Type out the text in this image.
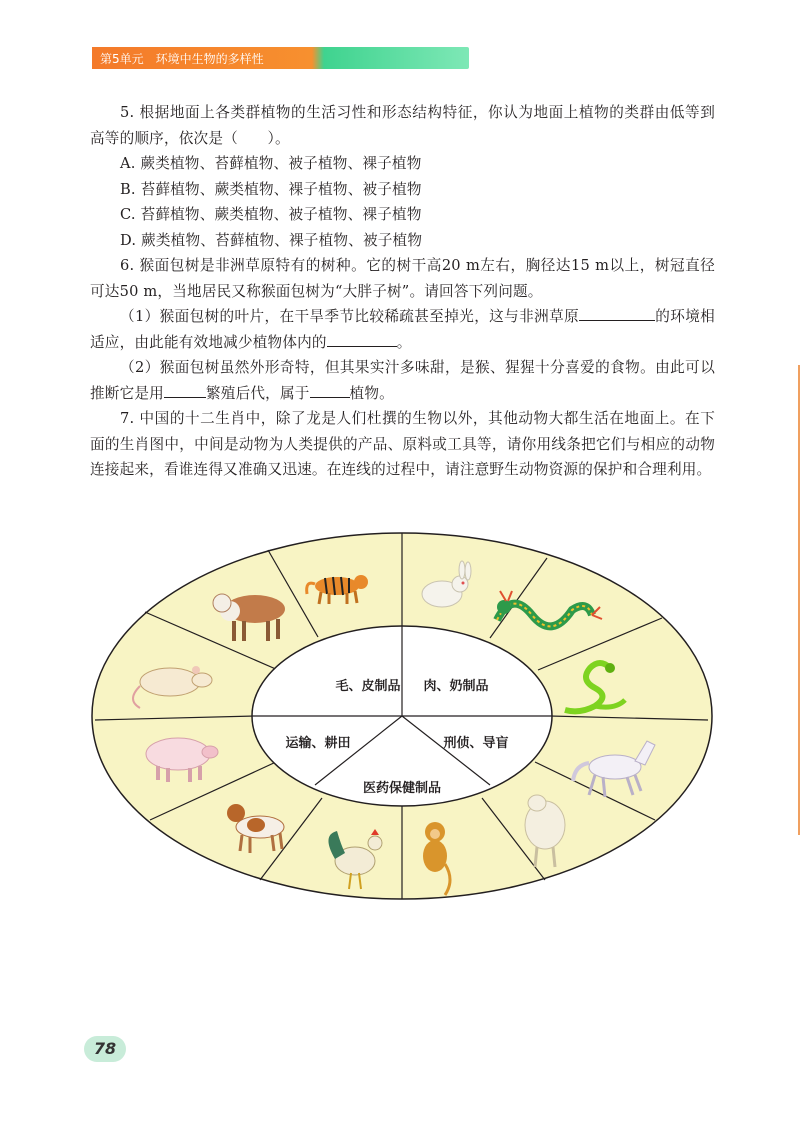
第5单元 环境中生物的多样性

5. 根据地面上各类群植物的生活习性和形态结构特征，你认为地面上植物的类群由低等到高等的顺序，依次是（　　）。

A. 蕨类植物、苔藓植物、被子植物、裸子植物

B. 苔藓植物、蕨类植物、裸子植物、被子植物

C. 苔藓植物、蕨类植物、被子植物、裸子植物

D. 蕨类植物、苔藓植物、裸子植物、被子植物

6. 猴面包树是非洲草原特有的树种。它的树干高20 m左右，胸径达15 m以上，树冠直径可达50 m，当地居民又称猴面包树为“大胖子树”。请回答下列问题。

（1）猴面包树的叶片，在干旱季节比较稀疏甚至掉光，这与非洲草原	的环境相适应，由此能有效地减少植物体内的	。

（2）猴面包树虽然外形奇特，但其果实汁多味甜，是猴、猩猩十分喜爱的食物。由此可以推断它是用	繁殖后代，属于	植物。

7. 中国的十二生肖中，除了龙是人们杜撰的生物以外，其他动物大都生活在地面上。在下面的生肖图中，中间是动物为人类提供的产品、原料或工具等，请你用线条把它们与相应的动物连接起来，看谁连得又准确又迅速。在连线的过程中，请注意野生动物资源的保护和合理利用。

毛、皮制品 肉、奶制品
运输、耕田	刑侦、导盲
医药保健制品
78
